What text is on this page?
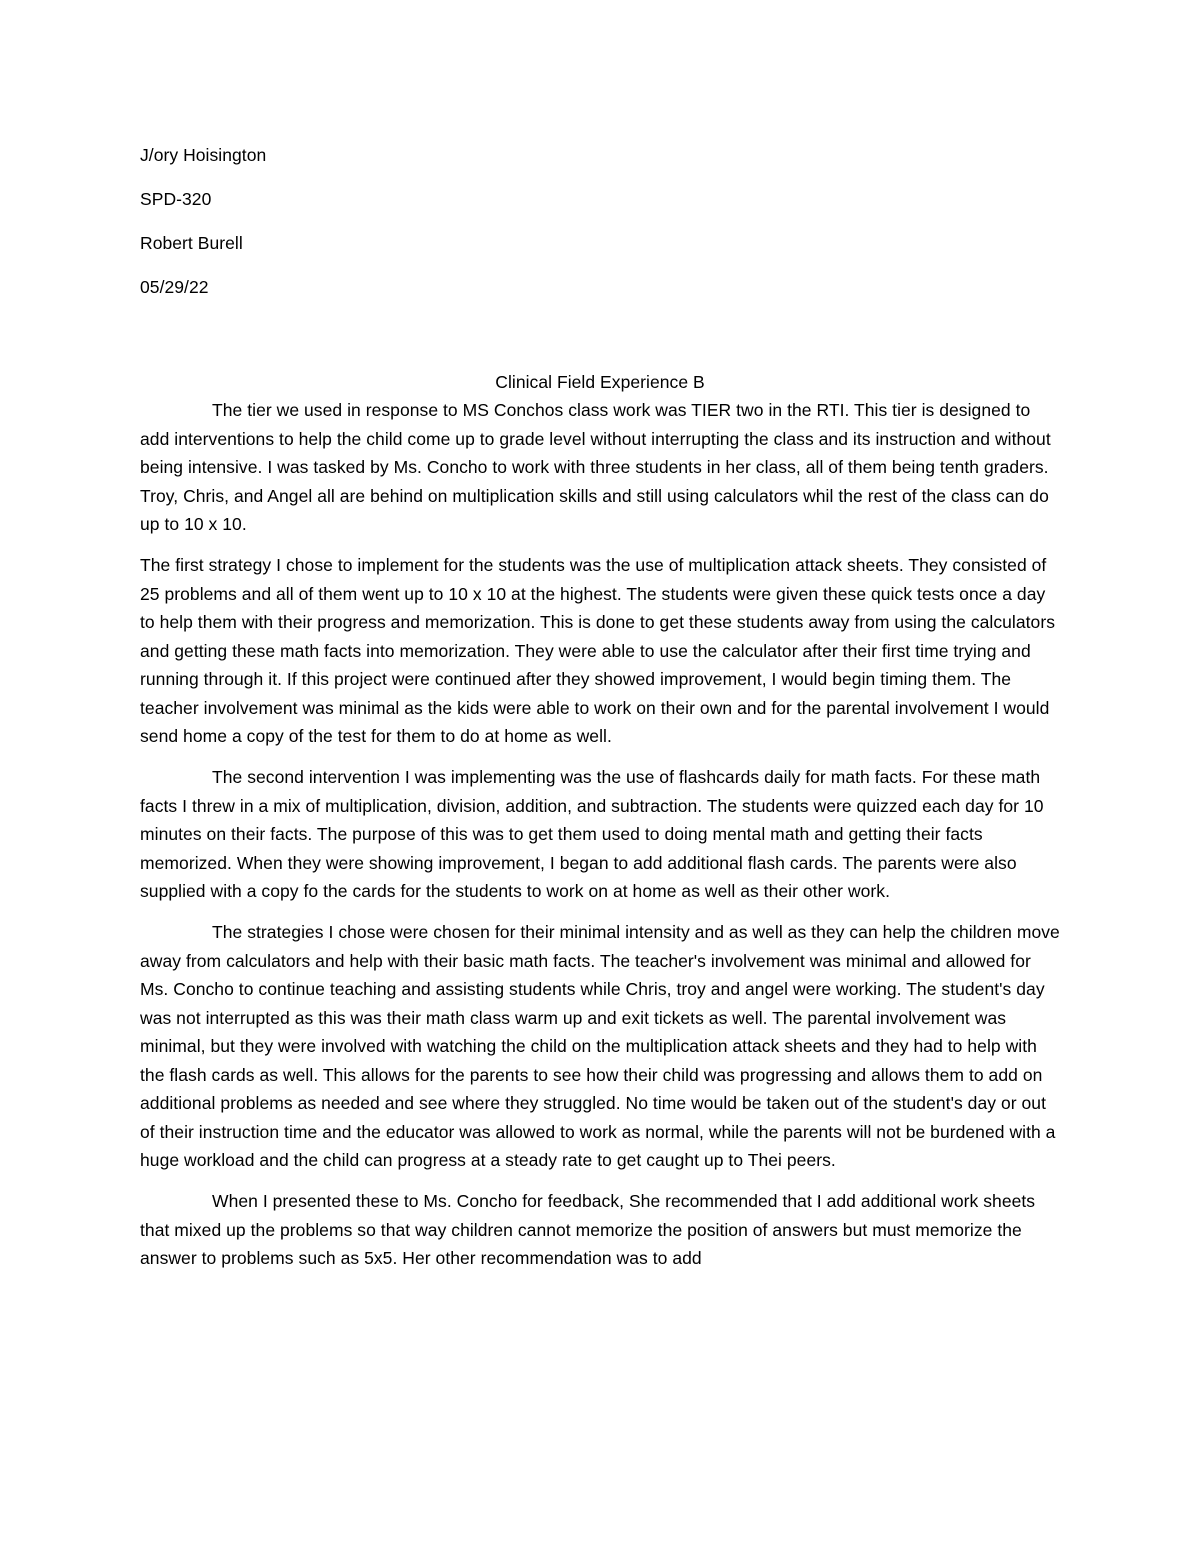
J/ory Hoisington
SPD-320
Robert Burell
05/29/22
Clinical Field Experience B

The tier we used in response to MS Conchos class work was TIER two in the RTI. This tier is designed to add interventions to help the child come up to grade level without interrupting the class and its instruction and without being intensive. I was tasked by Ms. Concho to work with three students in her class, all of them being tenth graders. Troy, Chris, and Angel all are behind on multiplication skills and still using calculators whil the rest of the class can do up to 10 x 10.

The first strategy I chose to implement for the students was the use of multiplication attack sheets. They consisted of 25 problems and all of them went up to 10 x 10 at the highest. The students were given these quick tests once a day to help them with their progress and memorization. This is done to get these students away from using the calculators and getting these math facts into memorization. They were able to use the calculator after their first time trying and running through it. If this project were continued after they showed improvement, I would begin timing them. The teacher involvement was minimal as the kids were able to work on their own and for the parental involvement I would send home a copy of the test for them to do at home as well.

The second intervention I was implementing was the use of flashcards daily for math facts. For these math facts I threw in a mix of multiplication, division, addition, and subtraction. The students were quizzed each day for 10 minutes on their facts. The purpose of this was to get them used to doing mental math and getting their facts memorized. When they were showing improvement, I began to add additional flash cards. The parents were also supplied with a copy fo the cards for the students to work on at home as well as their other work.

The strategies I chose were chosen for their minimal intensity and as well as they can help the children move away from calculators and help with their basic math facts. The teacher's involvement was minimal and allowed for Ms. Concho to continue teaching and assisting students while Chris, troy and angel were working. The student's day was not interrupted as this was their math class warm up and exit tickets as well. The parental involvement was minimal, but they were involved with watching the child on the multiplication attack sheets and they had to help with the flash cards as well. This allows for the parents to see how their child was progressing and allows them to add on additional problems as needed and see where they struggled. No time would be taken out of the student's day or out of their instruction time and the educator was allowed to work as normal, while the parents will not be burdened with a huge workload and the child can progress at a steady rate to get caught up to Thei peers.

When I presented these to Ms. Concho for feedback, She recommended that I add additional work sheets that mixed up the problems so that way children cannot memorize the position of answers but must memorize the answer to problems such as 5x5. Her other recommendation was to add
